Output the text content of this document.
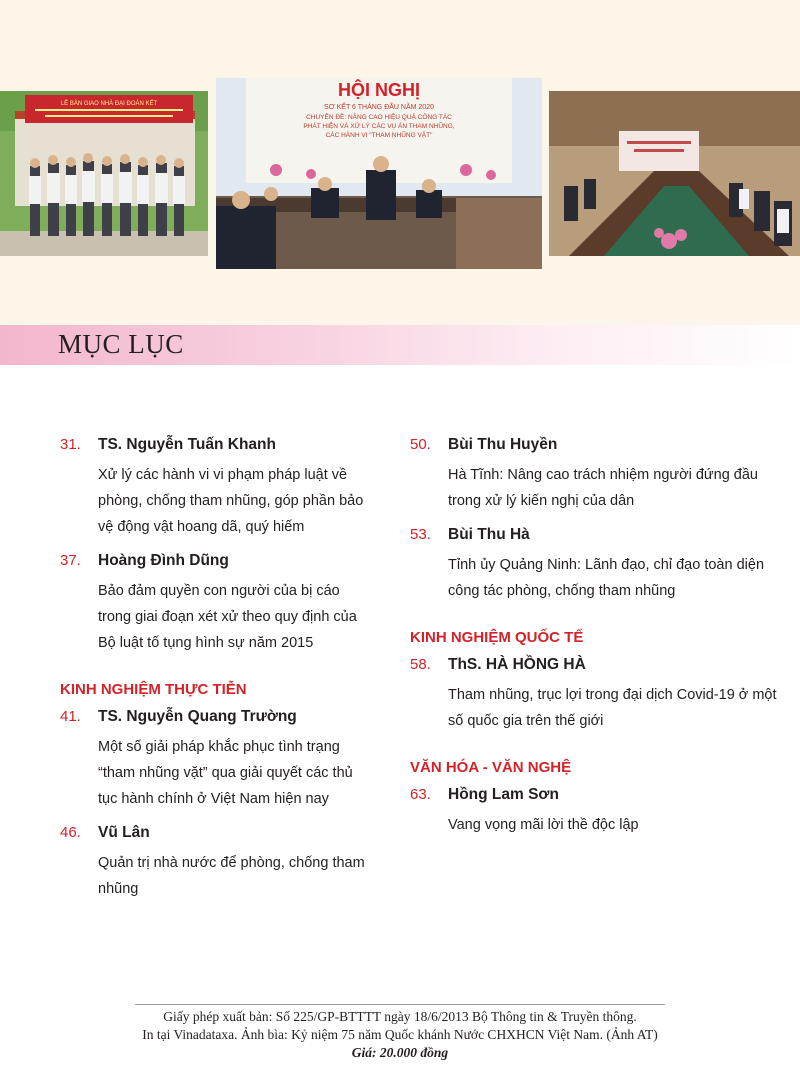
LỄ BÀN GIAO NHÀ ĐẠI ĐOÀN KẾT
HỘI NGHỊ
SƠ KẾT 6 THÁNG ĐẦU NĂM 2020
CHUYÊN ĐỀ: NÂNG CAO HIỆU QUẢ CÔNG TÁC
PHÁT HIỆN VÀ XỬ LÝ CÁC VỤ ÁN THAM NHŨNG,
CÁC HÀNH VI "THAM NHŨNG VẶT"
MỤC LỤC
31. TS. Nguyễn Tuấn Khanh
Xử lý các hành vi vi phạm pháp luật về phòng, chống tham nhũng, góp phần bảo vệ động vật hoang dã, quý hiếm
37. Hoàng Đình Dũng
Bảo đảm quyền con người của bị cáo trong giai đoạn xét xử theo quy định của Bộ luật tố tụng hình sự năm 2015
KINH NGHIỆM THỰC TIỄN
41. TS. Nguyễn Quang Trường
Một số giải pháp khắc phục tình trạng “tham nhũng vặt” qua giải quyết các thủ tục hành chính ở Việt Nam hiện nay
46. Vũ Lân
Quản trị nhà nước để phòng, chống tham nhũng
50. Bùi Thu Huyền
Hà Tĩnh: Nâng cao trách nhiệm người đứng đầu trong xử lý kiến nghị của dân
53. Bùi Thu Hà
Tỉnh ủy Quảng Ninh: Lãnh đạo, chỉ đạo toàn diện công tác phòng, chống tham nhũng
KINH NGHIỆM QUỐC TẾ
58. ThS. HÀ HỒNG HÀ
Tham nhũng, trục lợi trong đại dịch Covid-19 ở một số quốc gia trên thế giới
VĂN HÓA - VĂN NGHỆ
63. Hồng Lam Sơn
Vang vọng mãi lời thề độc lập
Giấy phép xuất bản: Số 225/GP-BTTTT ngày 18/6/2013 Bộ Thông tin & Truyền thông.
In tại Vinadataxa. Ảnh bìa: Kỷ niệm 75 năm Quốc khánh Nước CHXHCN Việt Nam. (Ảnh AT)
Giá: 20.000 đồng
